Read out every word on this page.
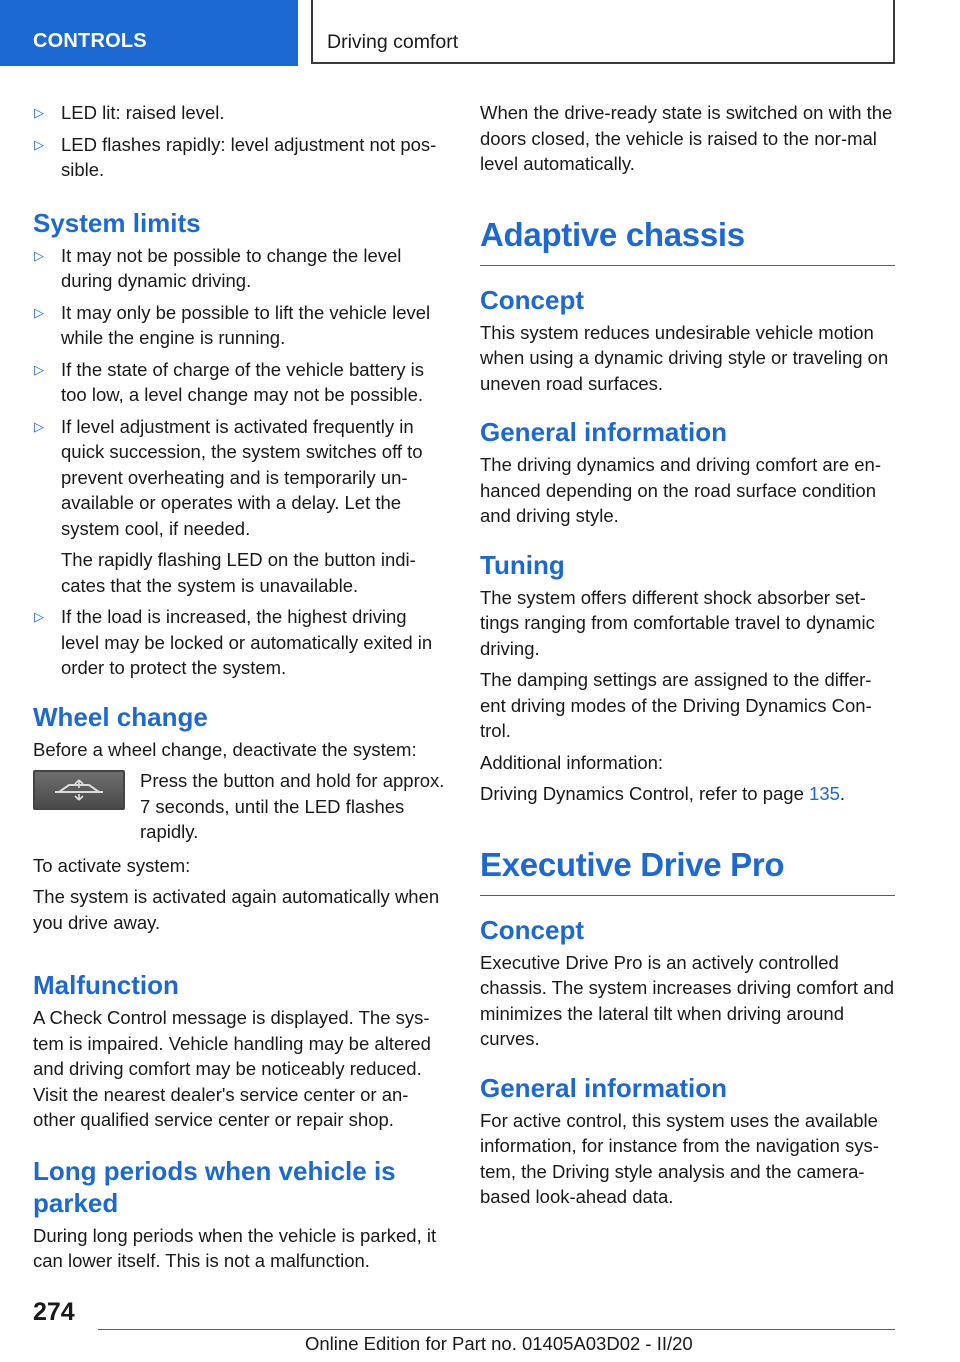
CONTROLS	Driving comfort
▷ LED lit: raised level.
▷ LED flashes rapidly: level adjustment not pos-sible.
System limits
▷ It may not be possible to change the level during dynamic driving.
▷ It may only be possible to lift the vehicle level while the engine is running.
▷ If the state of charge of the vehicle battery is too low, a level change may not be possible.
▷ If level adjustment is activated frequently in quick succession, the system switches off to prevent overheating and is temporarily un-available or operates with a delay. Let the system cool, if needed.

The rapidly flashing LED on the button indi-cates that the system is unavailable.

▷ If the load is increased, the highest driving level may be locked or automatically exited in order to protect the system.
Wheel change

Before a wheel change, deactivate the system:

Press the button and hold for approx. 7 seconds, until the LED flashes rapidly.

To activate system:

The system is activated again automatically when you drive away.

Malfunction

A Check Control message is displayed. The sys-tem is impaired. Vehicle handling may be altered and driving comfort may be noticeably reduced. Visit the nearest dealer's service center or an-other qualified service center or repair shop.

Long periods when vehicle is parked

During long periods when the vehicle is parked, it can lower itself. This is not a malfunction.

When the drive-ready state is switched on with the doors closed, the vehicle is raised to the nor-mal level automatically.

Adaptive chassis
Concept

This system reduces undesirable vehicle motion when using a dynamic driving style or traveling on uneven road surfaces.

General information

The driving dynamics and driving comfort are en-hanced depending on the road surface condition and driving style.

Tuning

The system offers different shock absorber set-tings ranging from comfortable travel to dynamic driving.

The damping settings are assigned to the differ-ent driving modes of the Driving Dynamics Con-trol.

Additional information:

Driving Dynamics Control, refer to page 135.

Executive Drive Pro
Concept

Executive Drive Pro is an actively controlled chassis. The system increases driving comfort and minimizes the lateral tilt when driving around curves.

General information

For active control, this system uses the available information, for instance from the navigation sys-tem, the Driving style analysis and the camera-based look-ahead data.

274
Online Edition for Part no. 01405A03D02 - II/20
